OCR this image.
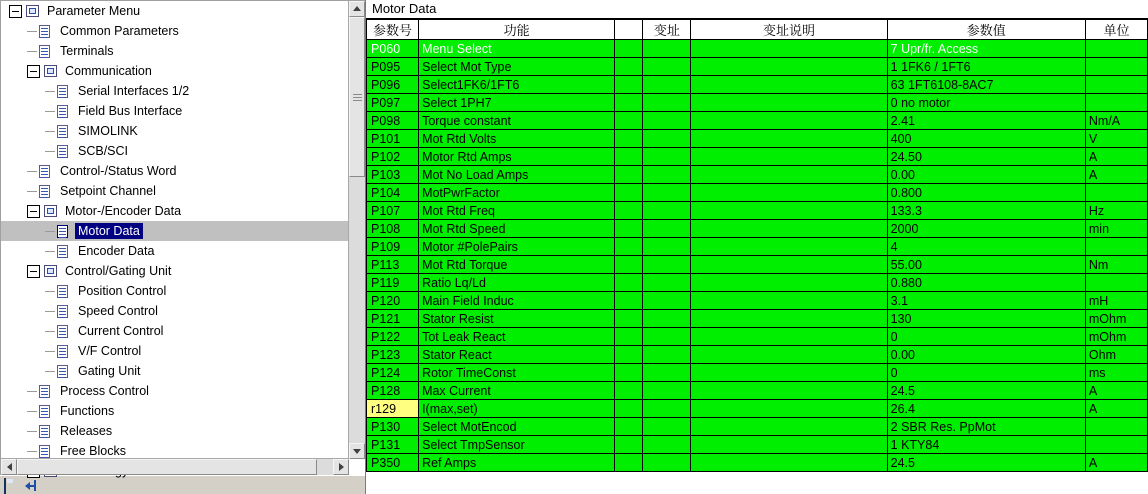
Parameter Menu
Common Parameters
Terminals
Communication
Serial Interfaces 1/2
Field Bus Interface
SIMOLINK
SCB/SCI
Control-/Status Word
Setpoint Channel
Motor-/Encoder Data
Motor Data
Encoder Data
Control/Gating Unit
Position Control
Speed Control
Current Control
V/F Control
Gating Unit
Process Control
Functions
Releases
Free Blocks
Motor Data
参数号	功能		变址	变址说明	参数值	单位
P060	Menu Select				7 Upr/fr. Access	
P095	Select Mot Type				1 1FK6 / 1FT6	
P096	Select1FK6/1FT6				63 1FT6108-8AC7	
P097	Select 1PH7				0 no motor	
P098	Torque constant				2.41	Nm/A
P101	Mot Rtd Volts				400	V
P102	Motor Rtd Amps				24.50	A
P103	Mot No Load Amps				0.00	A
P104	MotPwrFactor				0.800	
P107	Mot Rtd Freq				133.3	Hz
P108	Mot Rtd Speed				2000	min
P109	Motor #PolePairs				4	
P113	Mot Rtd Torque				55.00	Nm
P119	Ratio Lq/Ld				0.880	
P120	Main Field Induc				3.1	mH
P121	Stator Resist				130	mOhm
P122	Tot Leak React				0	mOhm
P123	Stator React				0.00	Ohm
P124	Rotor TimeConst				0	ms
P128	Max Current				24.5	A
r129	I(max,set)				26.4	A
P130	Select MotEncod				2 SBR Res. PpMot	
P131	Select TmpSensor				1 KTY84	
P350	Ref Amps				24.5	A
